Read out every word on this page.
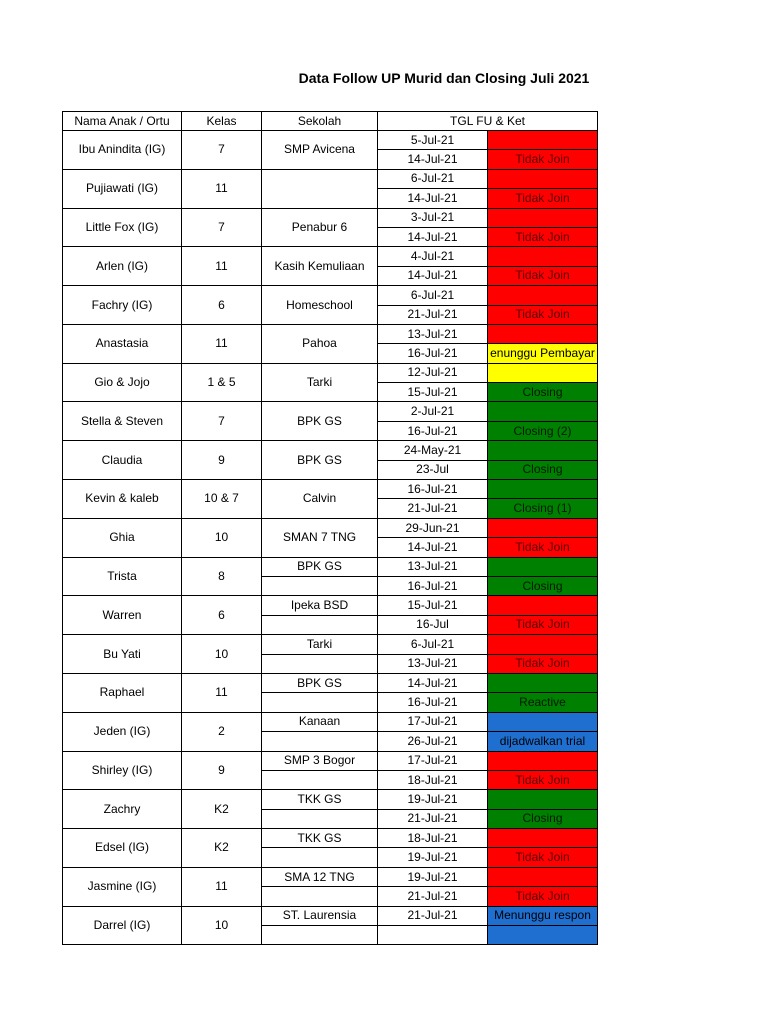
Data Follow UP Murid dan Closing Juli 2021
Nama Anak / Ortu	Kelas	Sekolah	TGL FU & Ket	
Ibu Anindita (IG)	7	SMP Avicena	5-Jul-21	
			14-Jul-21	Tidak Join
Pujiawati (IG)	11		6-Jul-21	
			14-Jul-21	Tidak Join
Little Fox (IG)	7	Penabur 6	3-Jul-21	
			14-Jul-21	Tidak Join
Arlen (IG)	11	Kasih Kemuliaan	4-Jul-21	
			14-Jul-21	Tidak Join
Fachry (IG)	6	Homeschool	6-Jul-21	
			21-Jul-21	Tidak Join
Anastasia	11	Pahoa	13-Jul-21	
			16-Jul-21	enunggu Pembayar
Gio & Jojo	1 & 5	Tarki	12-Jul-21	
			15-Jul-21	Closing
Stella & Steven	7	BPK GS	2-Jul-21	
			16-Jul-21	Closing (2)
Claudia	9	BPK GS	24-May-21	
			23-Jul	Closing
Kevin & kaleb	10 & 7	Calvin	16-Jul-21	
			21-Jul-21	Closing (1)
Ghia	10	SMAN 7 TNG	29-Jun-21	
			14-Jul-21	Tidak Join
Trista	8	BPK GS	13-Jul-21	
			16-Jul-21	Closing
Warren	6	Ipeka BSD	15-Jul-21	
			16-Jul	Tidak Join
Bu Yati	10	Tarki	6-Jul-21	
			13-Jul-21	Tidak Join
Raphael	11	BPK GS	14-Jul-21	
			16-Jul-21	Reactive
Jeden (IG)	2	Kanaan	17-Jul-21	
			26-Jul-21	dijadwalkan trial
Shirley (IG)	9	SMP 3 Bogor	17-Jul-21	
			18-Jul-21	Tidak Join
Zachry	K2	TKK GS	19-Jul-21	
			21-Jul-21	Closing
Edsel (IG)	K2	TKK GS	18-Jul-21	
			19-Jul-21	Tidak Join
Jasmine (IG)	11	SMA 12 TNG	19-Jul-21	
			21-Jul-21	Tidak Join
Darrel (IG)	10	ST. Laurensia	21-Jul-21	Menunggu respon
